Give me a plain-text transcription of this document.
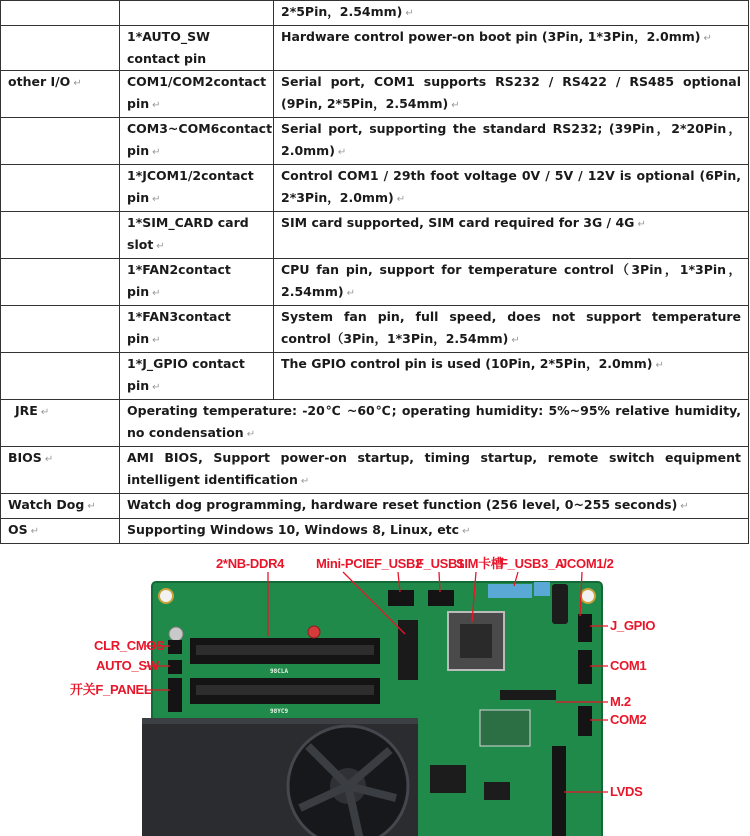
		2*5Pin，2.54mm) ↵
	1*AUTO_SW contact pin	Hardware control power-on boot pin (3Pin, 1*3Pin，2.0mm) ↵
other I/O ↵	COM1/COM2contact pin ↵	Serial port, COM1 supports RS232 / RS422 / RS485 optional (9Pin, 2*5Pin，2.54mm) ↵
	COM3~COM6contact pin ↵	Serial port, supporting the standard RS232; (39Pin，2*20Pin，2.0mm) ↵
	1*JCOM1/2contact pin ↵	Control COM1 / 29th foot voltage 0V / 5V / 12V is optional (6Pin, 2*3Pin，2.0mm) ↵
	1*SIM_CARD card slot ↵	SIM card supported, SIM card required for 3G / 4G ↵
	1*FAN2contact pin ↵	CPU fan pin, support for temperature control（3Pin，1*3Pin，2.54mm) ↵
	1*FAN3contact pin ↵	System fan pin, full speed, does not support temperature control（3Pin，1*3Pin，2.54mm) ↵
	1*J_GPIO contact pin ↵	The GPIO control pin is used (10Pin, 2*5Pin，2.0mm) ↵
JRE ↵	Operating temperature: -20℃ ~60℃; operating humidity: 5%~95% relative humidity, no condensation ↵	
BIOS ↵	AMI BIOS, Support power-on startup, timing startup, remote switch equipment intelligent identification ↵	
Watch Dog ↵	Watch dog programming, hardware reset function (256 level, 0~255 seconds) ↵	
OS ↵	Supporting Windows 10, Windows 8, Linux, etc ↵	
98CLA
98YC9
2*NB-DDR4 Mini-PCIE F_USB2
F_USB1
SIM卡槽
F_USB3_A
JCOM1/2
J_GPIO
CLR_CMOS
AUTO_SW
开关F_PANEL
COM1
M.2
COM2
LVDS
